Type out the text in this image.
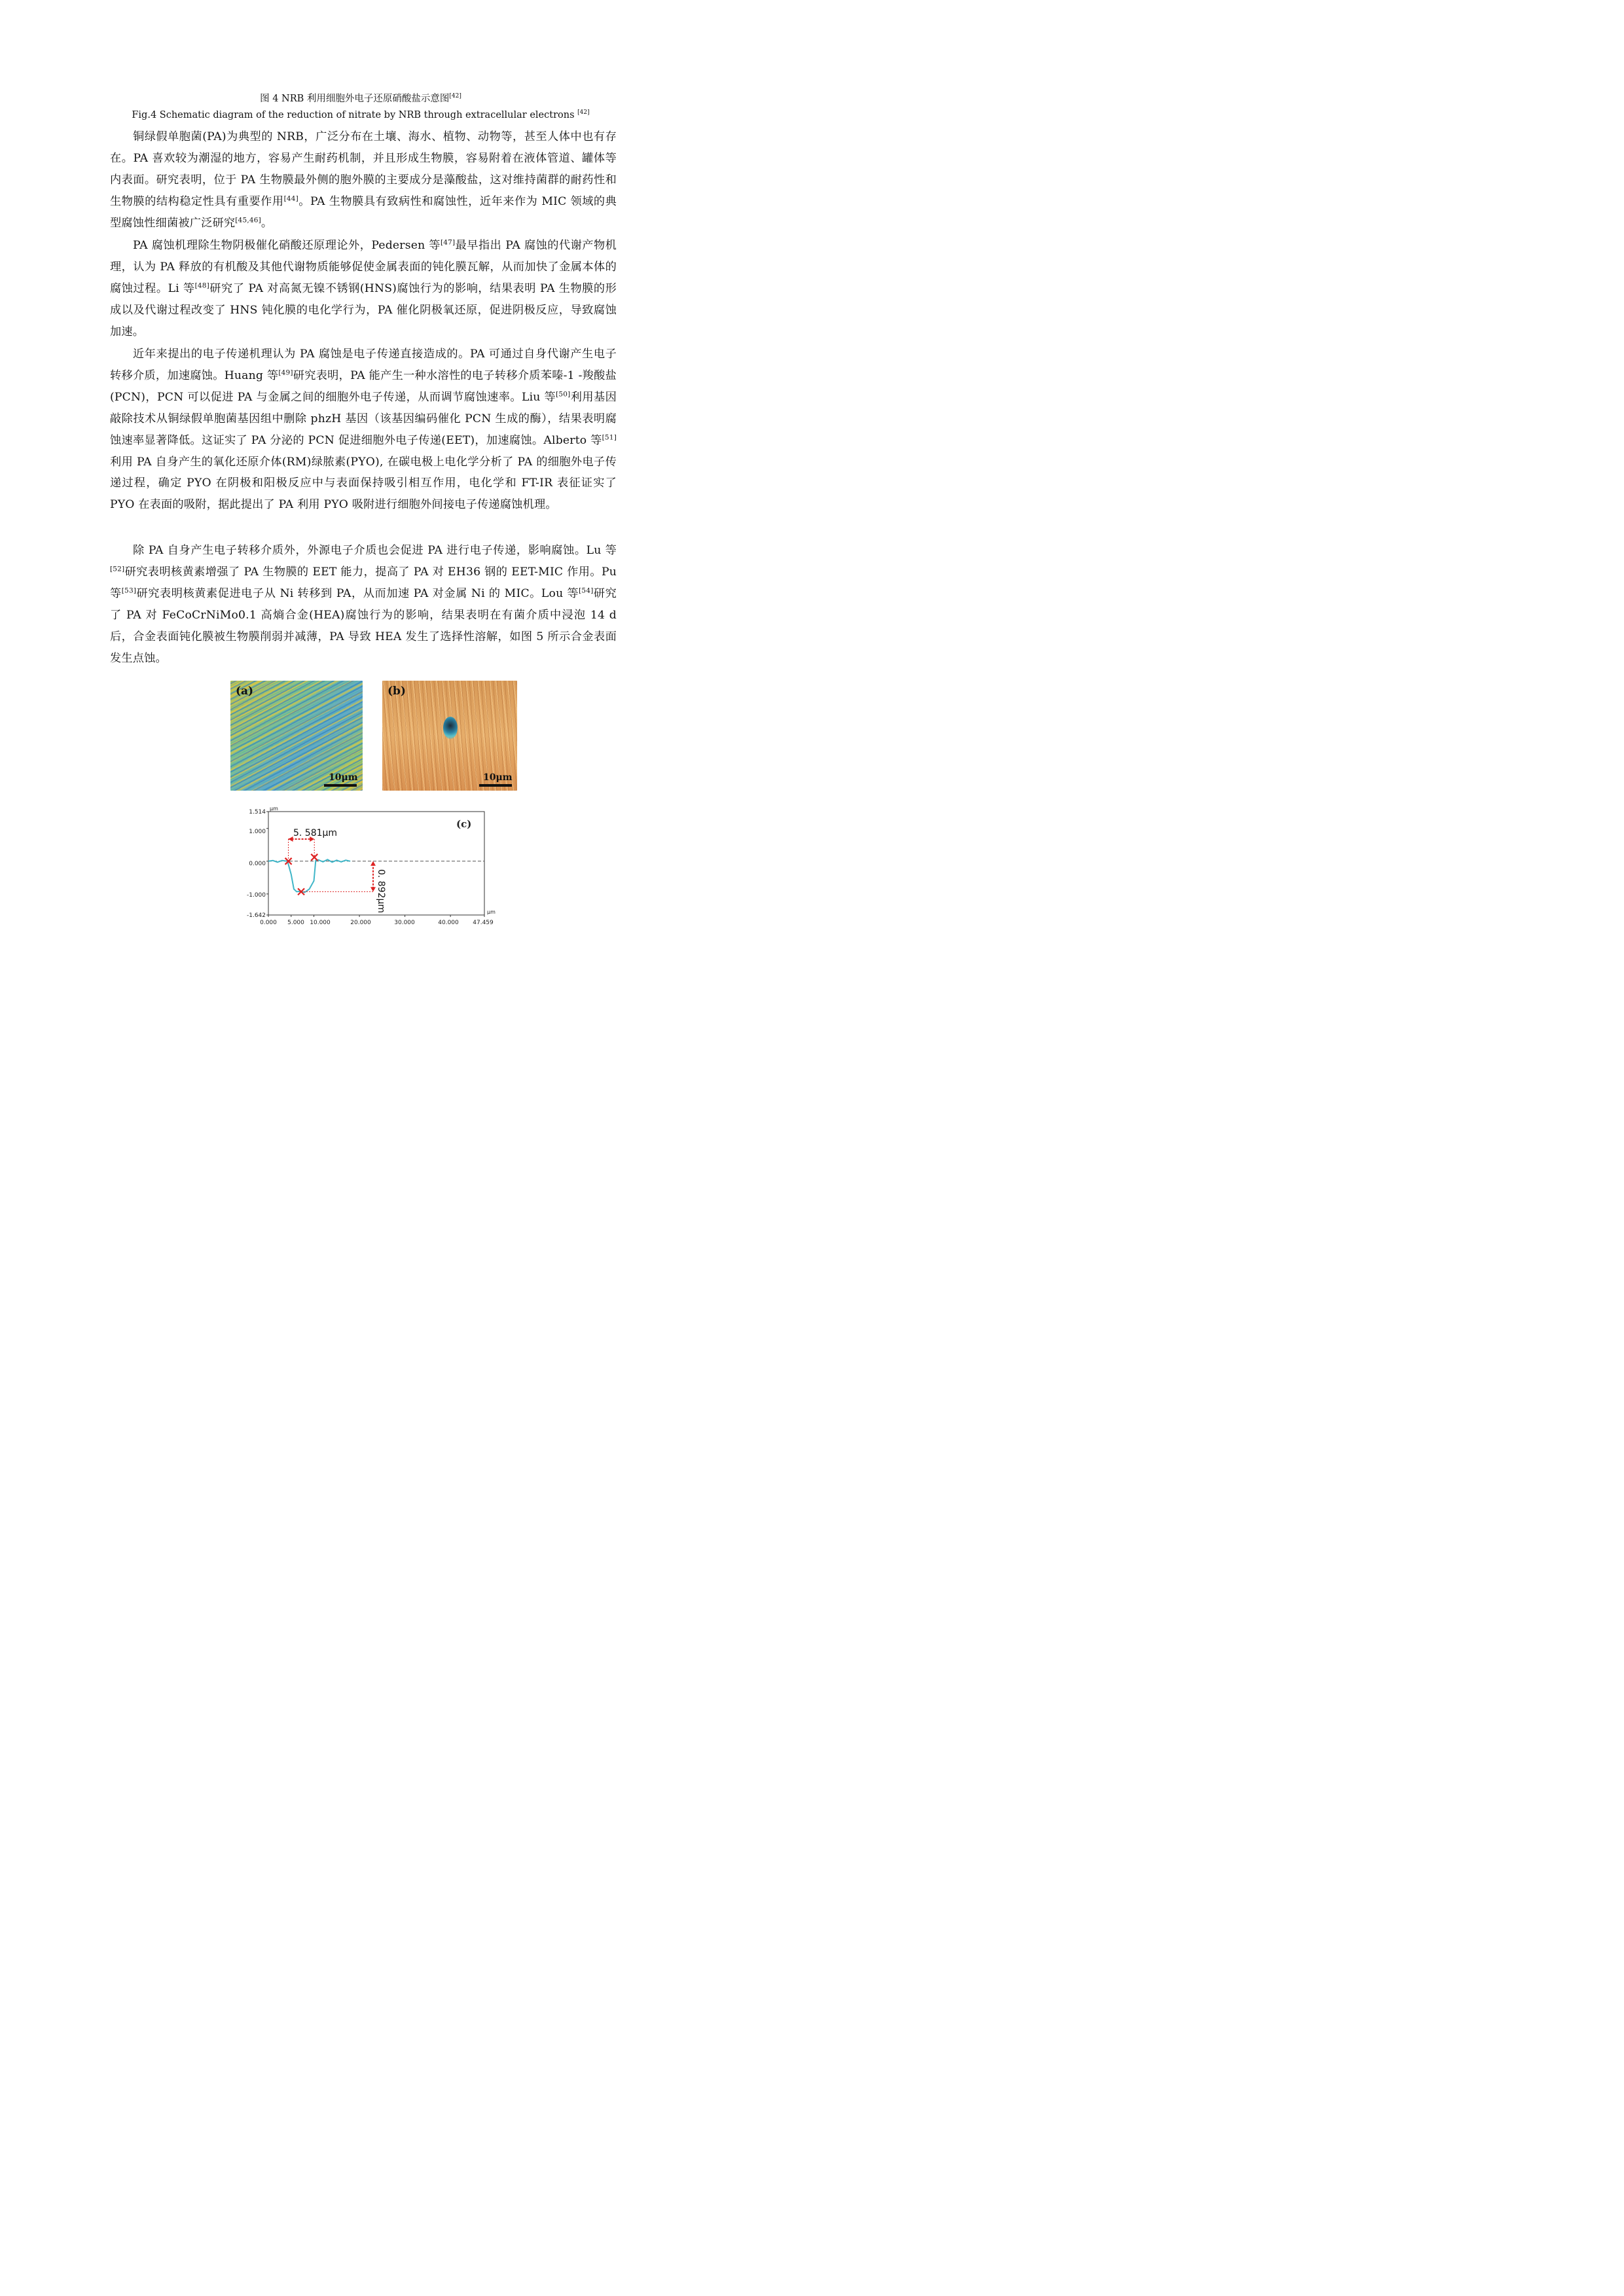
图 4 NRB 利用细胞外电子还原硝酸盐示意图[42]
Fig.4 Schematic diagram of the reduction of nitrate by NRB through extracellular electrons [42]

铜绿假单胞菌(PA)为典型的 NRB，广泛分布在土壤、海水、植物、动物等，甚至人体中也有存在。PA 喜欢较为潮湿的地方，容易产生耐药机制，并且形成生物膜，容易附着在液体管道、罐体等内表面。研究表明，位于 PA 生物膜最外侧的胞外膜的主要成分是藻酸盐，这对维持菌群的耐药性和生物膜的结构稳定性具有重要作用[44]。PA 生物膜具有致病性和腐蚀性，近年来作为 MIC 领域的典型腐蚀性细菌被广泛研究[45,46]。

PA 腐蚀机理除生物阴极催化硝酸还原理论外，Pedersen 等[47]最早指出 PA 腐蚀的代谢产物机理，认为 PA 释放的有机酸及其他代谢物质能够促使金属表面的钝化膜瓦解，从而加快了金属本体的腐蚀过程。Li 等[48]研究了 PA 对高氮无镍不锈钢(HNS)腐蚀行为的影响，结果表明 PA 生物膜的形成以及代谢过程改变了 HNS 钝化膜的电化学行为，PA 催化阴极氧还原，促进阴极反应，导致腐蚀加速。

近年来提出的电子传递机理认为 PA 腐蚀是电子传递直接造成的。PA 可通过自身代谢产生电子转移介质，加速腐蚀。Huang 等[49]研究表明，PA 能产生一种水溶性的电子转移介质苯嗪-1 -羧酸盐(PCN)，PCN 可以促进 PA 与金属之间的细胞外电子传递，从而调节腐蚀速率。Liu 等[50]利用基因敲除技术从铜绿假单胞菌基因组中删除 phzH 基因（该基因编码催化 PCN 生成的酶），结果表明腐蚀速率显著降低。这证实了 PA 分泌的 PCN 促进细胞外电子传递(EET)，加速腐蚀。Alberto 等[51]利用 PA 自身产生的氧化还原介体(RM)绿脓素(PYO), 在碳电极上电化学分析了 PA 的细胞外电子传递过程，确定 PYO 在阴极和阳极反应中与表面保持吸引相互作用，电化学和 FT-IR 表征证实了 PYO 在表面的吸附，据此提出了 PA 利用 PYO 吸附进行细胞外间接电子传递腐蚀机理。

除 PA 自身产生电子转移介质外，外源电子介质也会促进 PA 进行电子传递，影响腐蚀。Lu 等[52]研究表明核黄素增强了 PA 生物膜的 EET 能力，提高了 PA 对 EH36 钢的 EET-MIC 作用。Pu 等[53]研究表明核黄素促进电子从 Ni 转移到 PA，从而加速 PA 对金属 Ni 的 MIC。Lou 等[54]研究了 PA 对 FeCoCrNiMo0.1 高熵合金(HEA)腐蚀行为的影响，结果表明在有菌介质中浸泡 14 d 后，合金表面钝化膜被生物膜削弱并减薄，PA 导致 HEA 发生了选择性溶解，如图 5 所示合金表面发生点蚀。

(a)
10μm
(b)
10μm
μm
μm
(c)
1.514
1.000
0.000
-1.000
-1.642
0.000 5.000 10.000	20.000	30.000	40.000 47.459
5. 581μm
0. 892μm
